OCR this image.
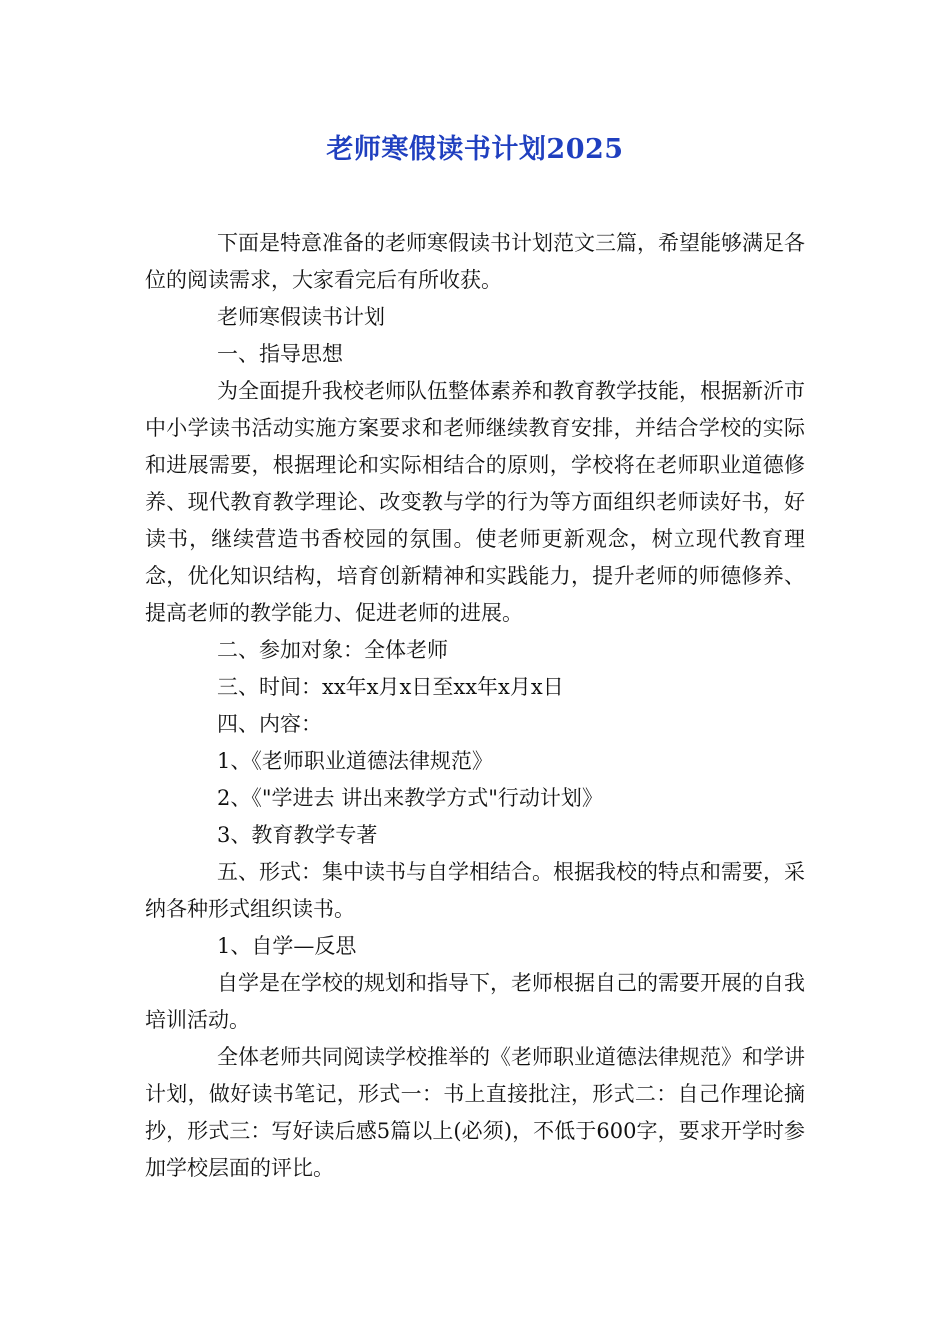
老师寒假读书计划2025

下面是特意准备的老师寒假读书计划范文三篇，希望能够满足各位的阅读需求，大家看完后有所收获。

老师寒假读书计划

一、指导思想

为全面提升我校老师队伍整体素养和教育教学技能，根据新沂市中小学读书活动实施方案要求和老师继续教育安排，并结合学校的实际和进展需要，根据理论和实际相结合的原则，学校将在老师职业道德修养、现代教育教学理论、改变教与学的行为等方面组织老师读好书，好读书，继续营造书香校园的氛围。使老师更新观念，树立现代教育理念，优化知识结构，培育创新精神和实践能力，提升老师的师德修养、提高老师的教学能力、促进老师的进展。

二、参加对象：全体老师

三、时间：xx年x月x日至xx年x月x日

四、内容：

1、《老师职业道德法律规范》

2、《"学进去 讲出来教学方式"行动计划》

3、教育教学专著

五、形式：集中读书与自学相结合。根据我校的特点和需要，采纳各种形式组织读书。

1、自学—反思

自学是在学校的规划和指导下，老师根据自己的需要开展的自我培训活动。

全体老师共同阅读学校推举的《老师职业道德法律规范》和学讲计划，做好读书笔记，形式一：书上直接批注，形式二：自己作理论摘抄，形式三：写好读后感5篇以上(必须)，不低于600字，要求开学时参加学校层面的评比。
